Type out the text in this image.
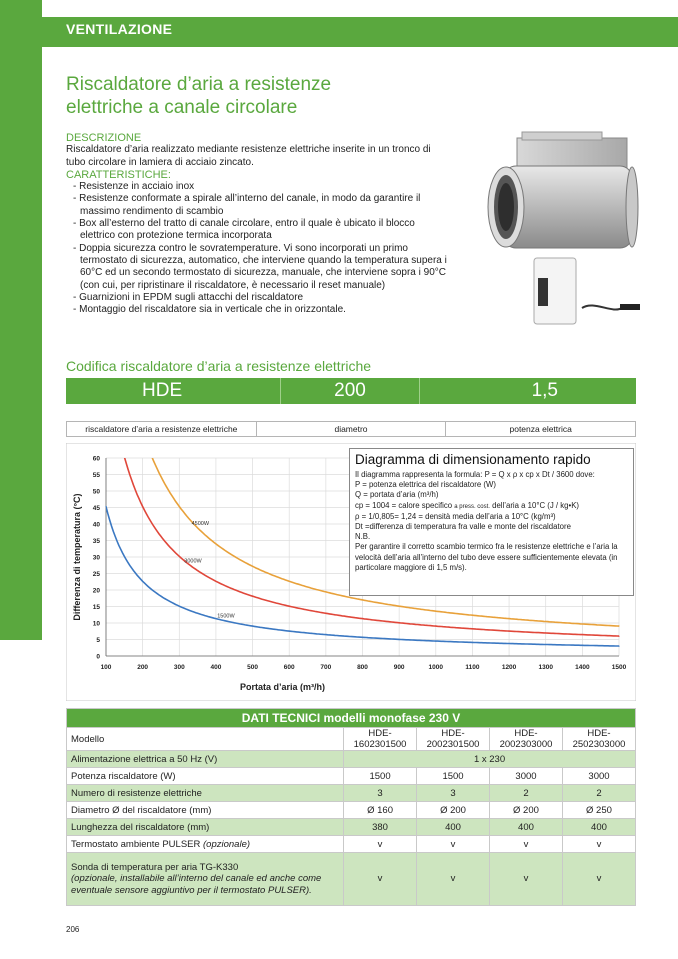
VENTILAZIONE
Riscaldatore d’aria a resistenze
elettriche a canale circolare
DESCRIZIONE
Riscaldatore d’aria realizzato mediante resistenze elettriche inserite in un tronco di tubo circolare in lamiera di acciaio zincato.
CARATTERISTICHE:
- Resistenze in acciaio inox
- Resistenze conformate a spirale all’interno del canale, in modo da garantire il massimo rendimento di scambio
- Box all’esterno del tratto di canale circolare, entro il quale è ubicato il blocco elettrico con protezione termica incorporata
- Doppia sicurezza contro le sovratemperature. Vi sono incorporati un primo termostato di sicurezza, automatico, che interviene quando la temperatura supera i 60°C ed un secondo termostato di sicurezza, manuale, che interviene sopra i 90°C (con cui, per ripristinare il riscaldatore, è necessario il reset manuale)
- Guarnizioni in EPDM sugli attacchi del riscaldatore
- Montaggio del riscaldatore sia in verticale che in orizzontale.
Codifica riscaldatore d’aria a resistenze elettriche
HDE	200	1,5
riscaldatore d’aria a resistenze elettriche	diametro	potenza elettrica
0
5
10
15
20
25
30
35
40
45
50
55
60
100	200	300	400	500	600	700	800	900	1000	1100	1200	1300	1400	1500
Portata d’aria (m³/h)
Differenza di temperatura (°C)	1500W
3000W
4500W
Diagramma di dimensionamento rapido
Il diagramma rappresenta la formula: P = Q x ρ x cp x Dt / 3600 dove:
P = potenza elettrica del riscaldatore (W)
Q = portata d’aria (m³/h)
cp = 1004 = calore specifico a press. cost. dell’aria a 10°C (J / kg•K)
ρ = 1/0,805= 1,24 = densità media dell’aria a 10°C (kg/m³)
Dt =differenza di temperatura fra valle e monte del riscaldatore
N.B.
Per garantire il corretto scambio termico fra le resistenze elettriche e l’aria la velocità dell’aria all’interno del tubo deve essere sufficientemente elevata (in particolare maggiore di 1,5 m/s).
DATI TECNICI modelli monofase 230 V				
Modello	HDE-1602301500	HDE-2002301500	HDE-2002303000	HDE-2502303000
Alimentazione elettrica a 50 Hz (V)	1 x 230			
Potenza riscaldatore (W)	1500	1500	3000	3000
Numero di resistenze elettriche	3	3	2	2
Diametro Ø del riscaldatore (mm)	Ø 160	Ø 200	Ø 200	Ø 250
Lunghezza del riscaldatore (mm)	380	400	400	400
Termostato ambiente PULSER (opzionale)	v	v	v	v
Sonda di temperatura per aria TG-K330
(opzionale, installabile all’interno del canale ed anche come eventuale sensore aggiuntivo per il termostato PULSER).	v	v	v	v
206
